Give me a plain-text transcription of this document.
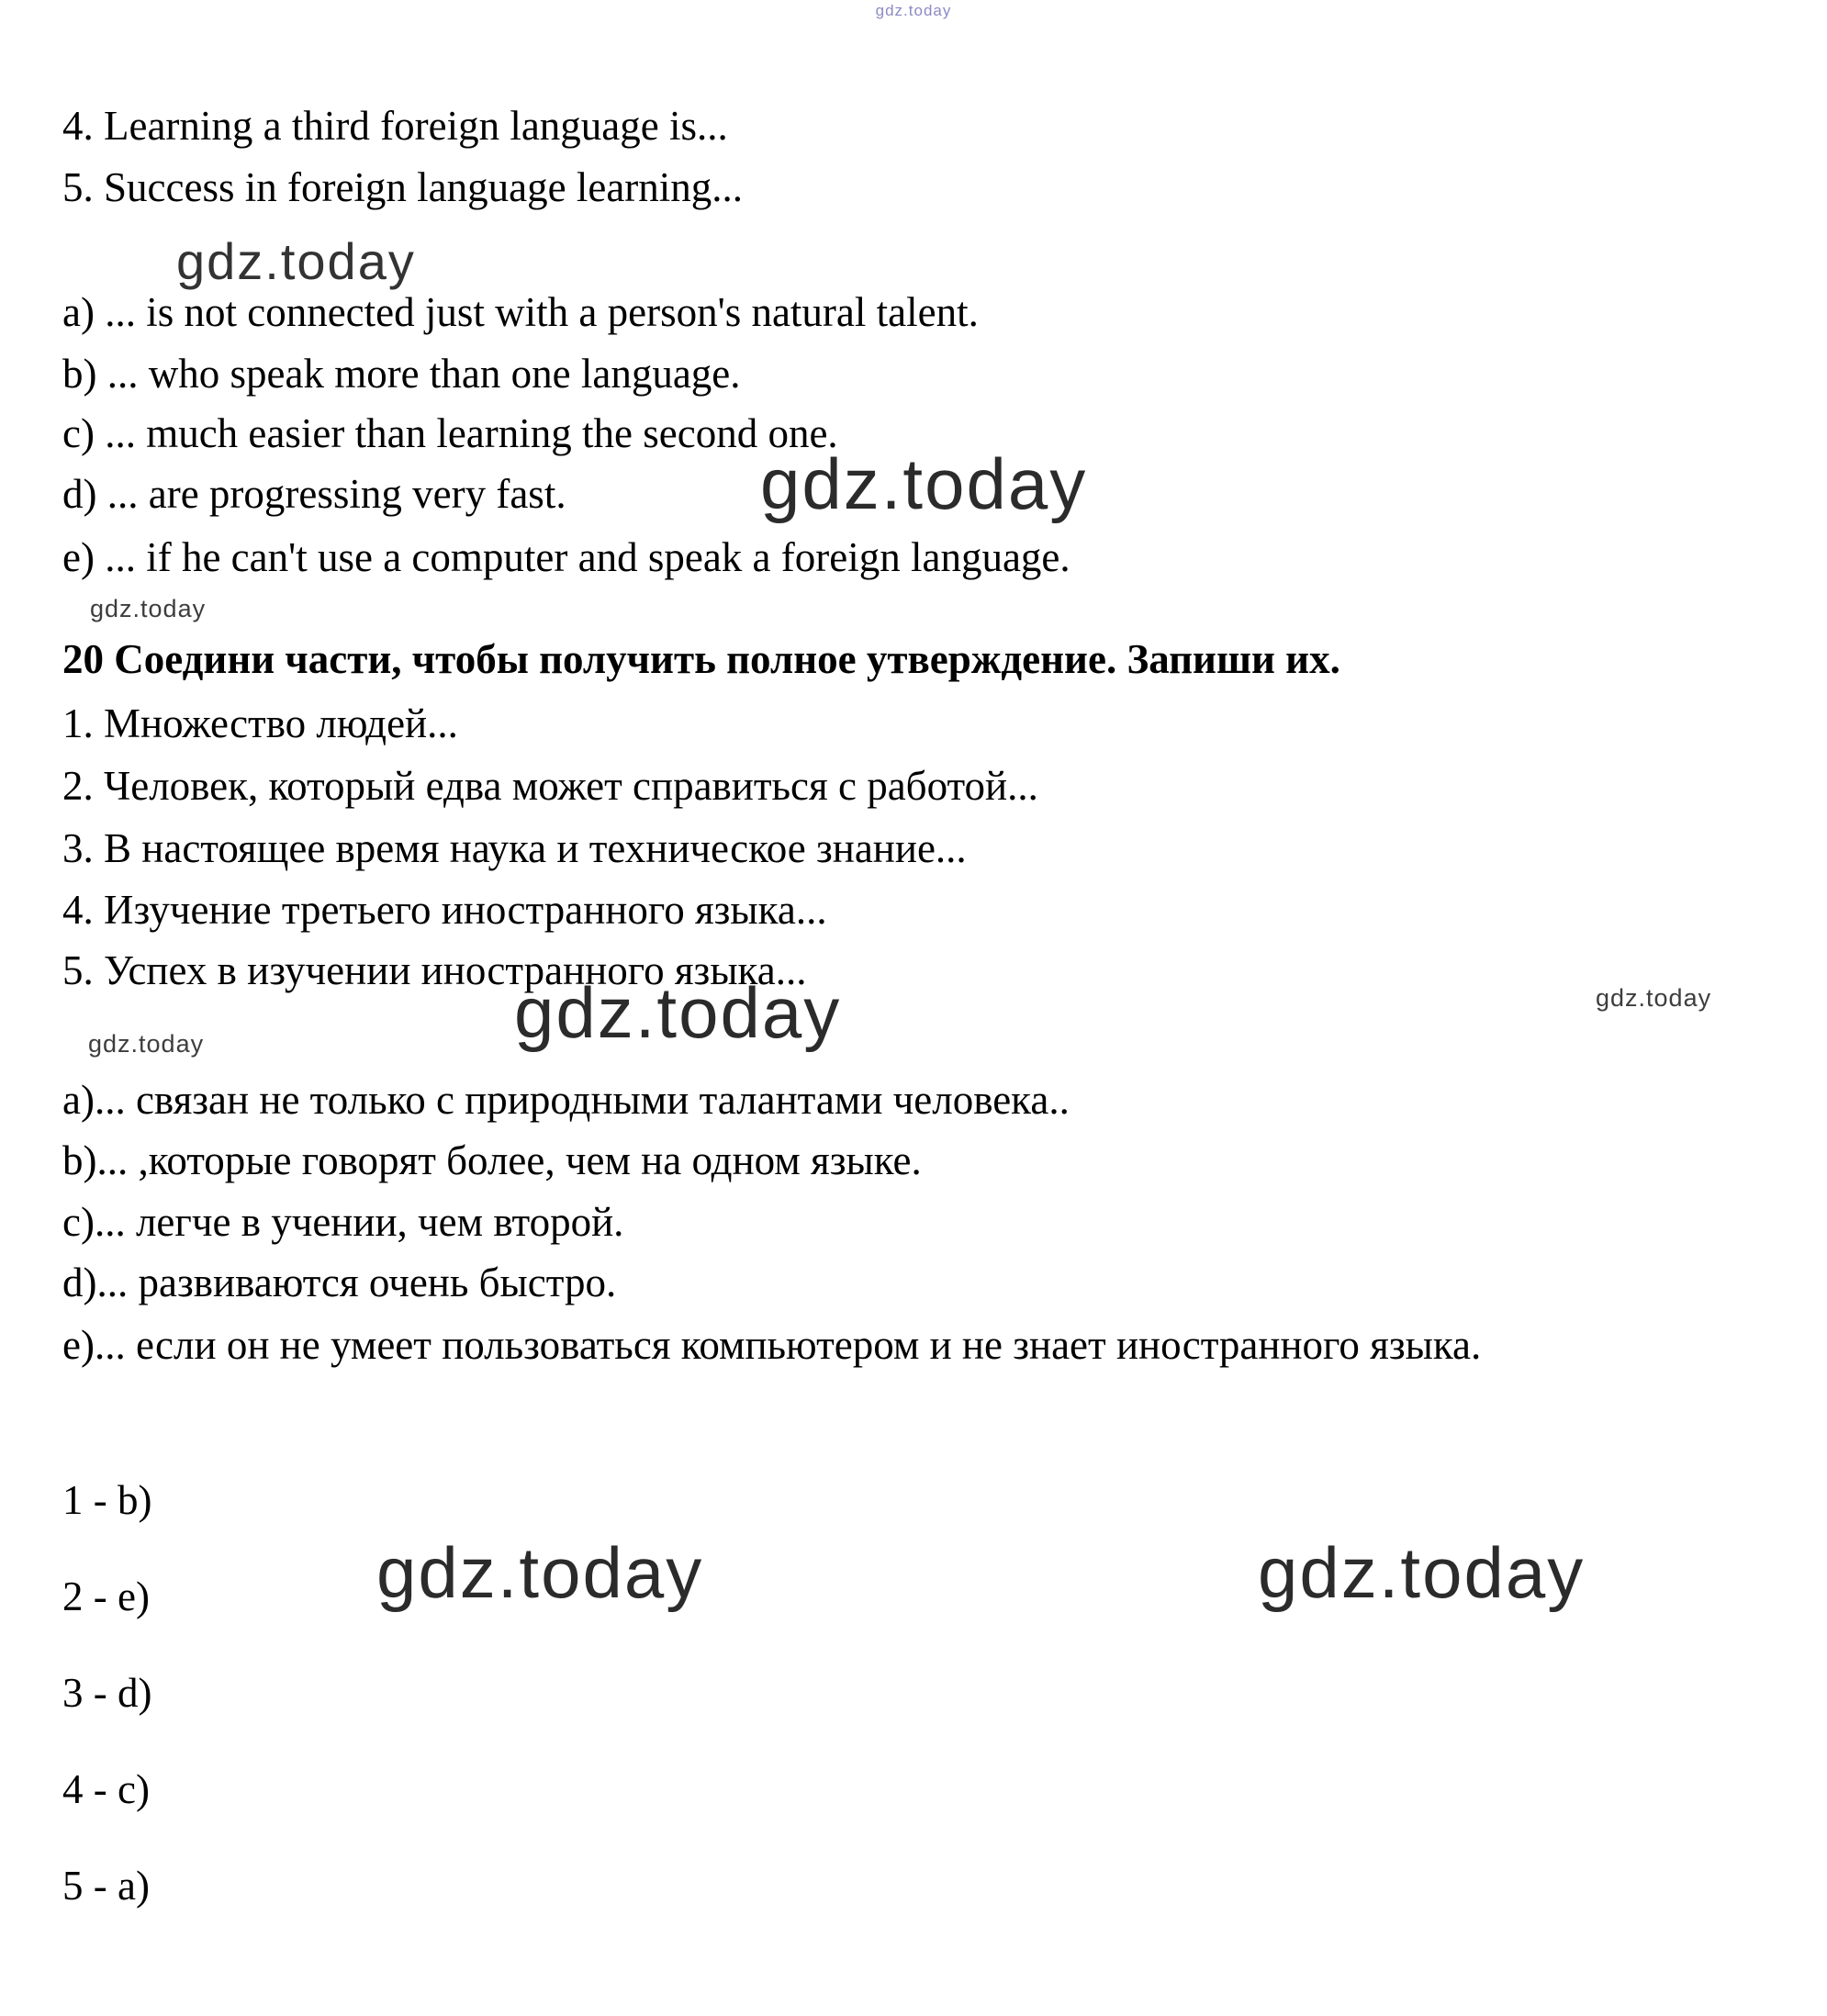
gdz.today
4. Learning a third foreign language is...
5. Success in foreign language learning...
gdz.today
a) ... is not connected just with a person's natural talent.
b) ... who speak more than one language.
c) ... much easier than learning the second one.
d) ... are progressing very fast.
e) ... if he can't use a computer and speak a foreign language.
gdz.today
gdz.today
20 Соедини части, чтобы получить полное утверждение. Запиши их.
1. Множество людей...
2. Человек, который едва может справиться с работой...
3. В настоящее время наука и техническое знание...
4. Изучение третьего иностранного языка...
5. Успех в изучении иностранного языка...
gdz.today
gdz.today
gdz.today
a)... связан не только с природными талантами человека..
b)... ,которые говорят более, чем на одном языке.
c)... легче в учении, чем второй.
d)... развиваются очень быстро.
e)... если он не умеет пользоваться компьютером и не знает иностранного языка.
1 - b)
2 - e)
3 - d)
4 - c)
5 - a)
gdz.today	gdz.today
